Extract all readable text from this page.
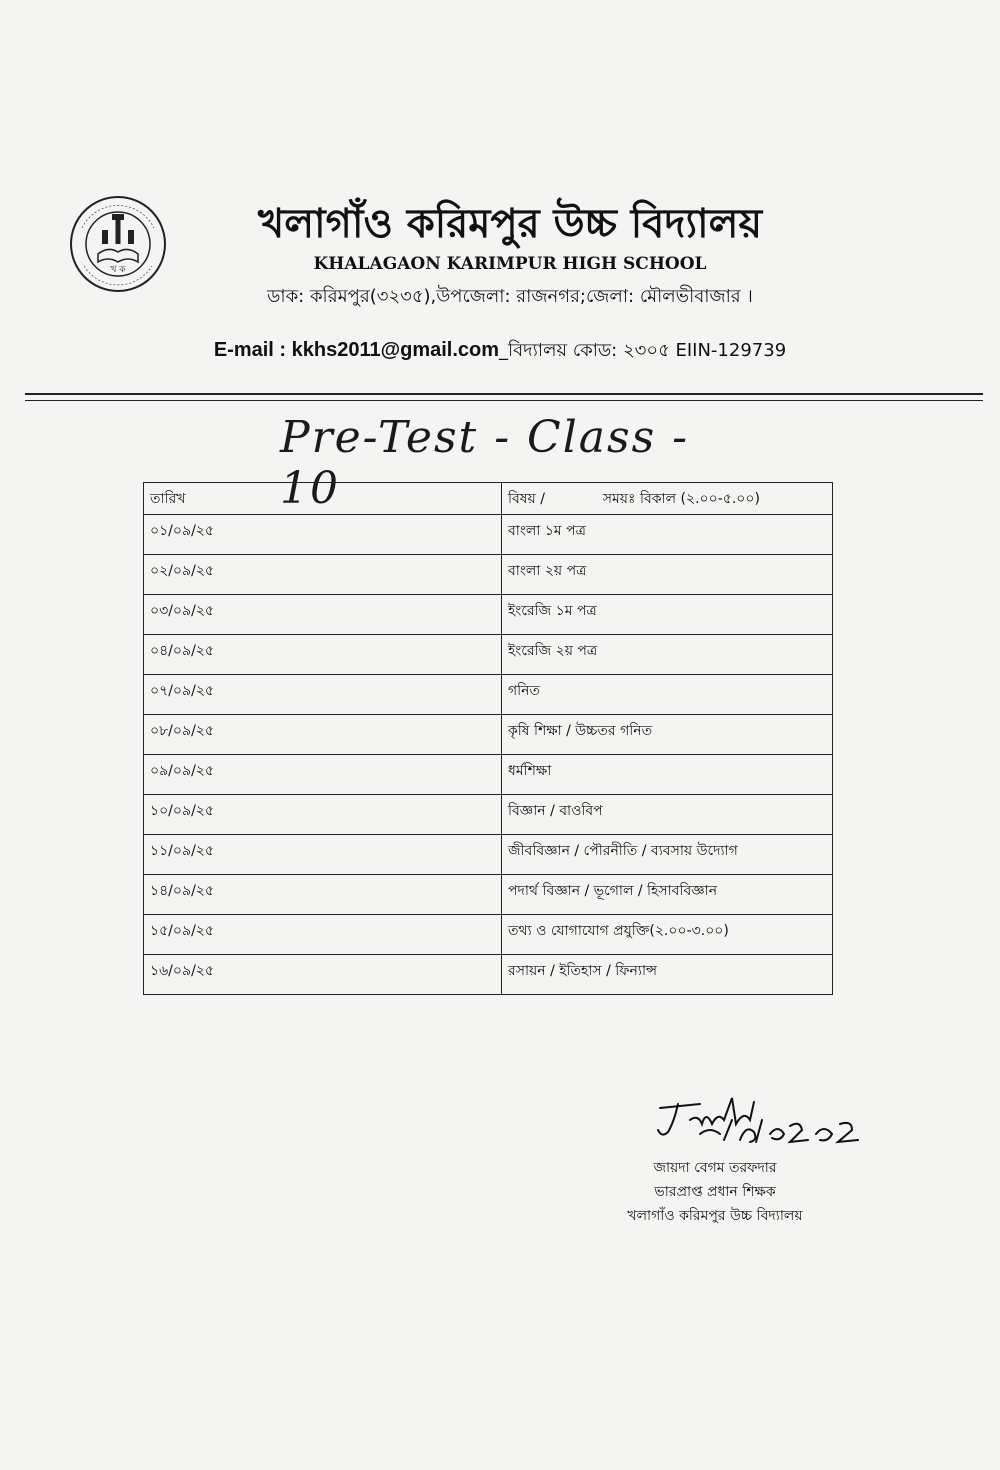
খ ক
খলাগাঁও করিমপুর উচ্চ বিদ্যালয়
KHALAGAON KARIMPUR HIGH SCHOOL
ডাক: করিমপুর(৩২৩৫),উপজেলা: রাজনগর;জেলা: মৌলভীবাজার ।
E-mail : kkhs2011@gmail.com_বিদ্যালয় কোড: ২৩০৫ EIIN-129739
Pre-Test - Class - 10
তারিখ	বিষয় /             সময়ঃ বিকাল (২.০০-৫.০০)
০১/০৯/২৫	বাংলা ১ম পত্র
০২/০৯/২৫	বাংলা ২য় পত্র
০৩/০৯/২৫	ইংরেজি ১ম পত্র
০৪/০৯/২৫	ইংরেজি ২য় পত্র
০৭/০৯/২৫	গনিত
০৮/০৯/২৫	কৃষি শিক্ষা / উচ্চতর গনিত
০৯/০৯/২৫	ধর্মশিক্ষা
১০/০৯/২৫	বিজ্ঞান / বাওবিপ
১১/০৯/২৫	জীববিজ্ঞান / পৌরনীতি / ব্যবসায় উদ্যোগ
১৪/০৯/২৫	পদার্থ বিজ্ঞান / ভূগোল / হিসাববিজ্ঞান
১৫/০৯/২৫	তথ্য ও যোগাযোগ প্রযুক্তি(২.০০-৩.০০)
১৬/০৯/২৫	রসায়ন / ইতিহাস / ফিন্যান্স
জায়দা বেগম তরফদার
ভারপ্রাপ্ত প্রধান শিক্ষক
খলাগাঁও করিমপুর উচ্চ বিদ্যালয়
